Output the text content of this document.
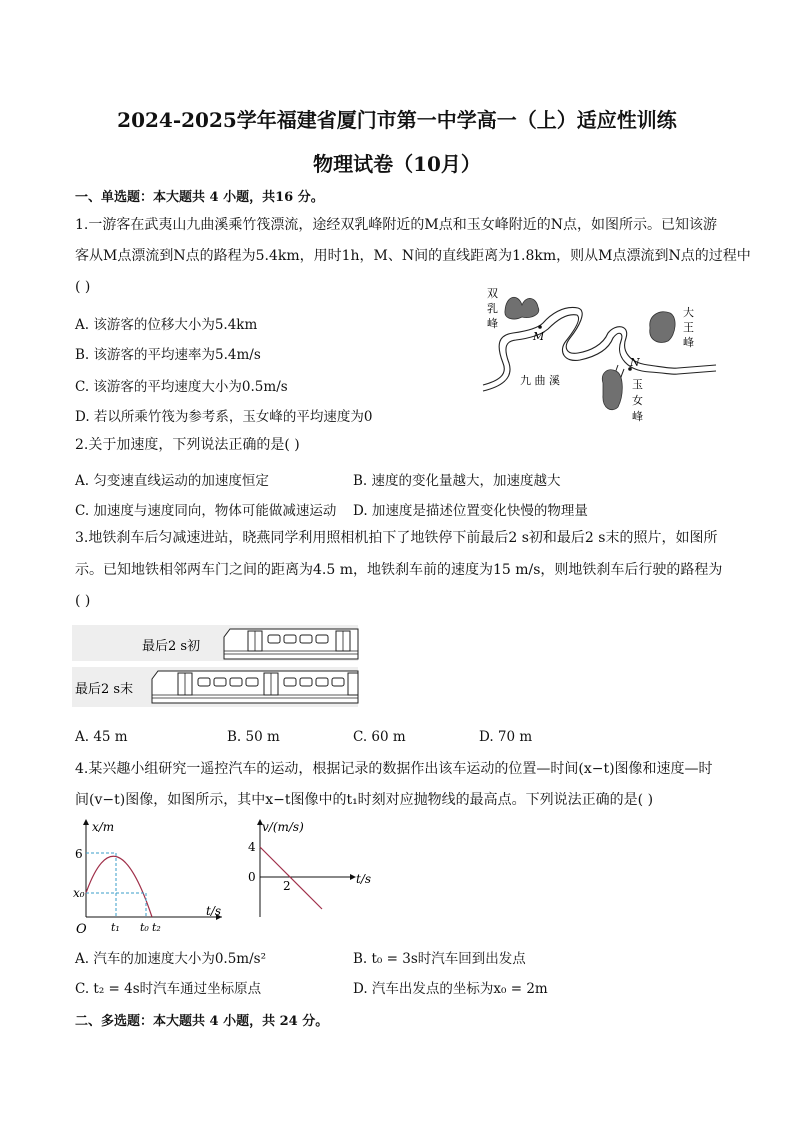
2024-2025学年福建省厦门市第一中学高一（上）适应性训练
物理试卷（10月）
一、单选题：本大题共 4 小题，共16 分。
1.一游客在武夷山九曲溪乘竹筏漂流，途经双乳峰附近的M点和玉女峰附近的N点，如图所示。已知该游
客从M点漂流到N点的路程为5.4km，用时1h，M、N间的直线距离为1.8km，则从M点漂流到N点的过程中
( )
A. 该游客的位移大小为5.4km
B. 该游客的平均速率为5.4m/s
C. 该游客的平均速度大小为0.5m/s
D. 若以所乘竹筏为参考系，玉女峰的平均速度为0
双
乳
峰
大
王
峰
玉
女
峰
九 曲 溪
M
N
2.关于加速度，下列说法正确的是( )
A. 匀变速直线运动的加速度恒定	B. 速度的变化量越大，加速度越大
C. 加速度与速度同向，物体可能做减速运动 D. 加速度是描述位置变化快慢的物理量
3.地铁刹车后匀减速进站，晓燕同学利用照相机拍下了地铁停下前最后2 s初和最后2 s末的照片，如图所
示。已知地铁相邻两车门之间的距离为4.5 m，地铁刹车前的速度为15 m/s，则地铁刹车后行驶的路程为
( )
最后2 s初
最后2 s末
A. 45 m	B. 50 m	C. 60 m	D. 70 m
4.某兴趣小组研究一遥控汽车的运动，根据记录的数据作出该车运动的位置—时间(x−t)图像和速度—时
间(v−t)图像，如图所示，其中x−t图像中的t₁时刻对应抛物线的最高点。下列说法正确的是( )
x/m
6
x₀
O t₁ t₀ t₂
t/s
v/(m/s)
4
0
2	t/s
A. 汽车的加速度大小为0.5m/s²	B. t₀ = 3s时汽车回到出发点
C. t₂ = 4s时汽车通过坐标原点	D. 汽车出发点的坐标为x₀ = 2m
二、多选题：本大题共 4 小题，共 24 分。
